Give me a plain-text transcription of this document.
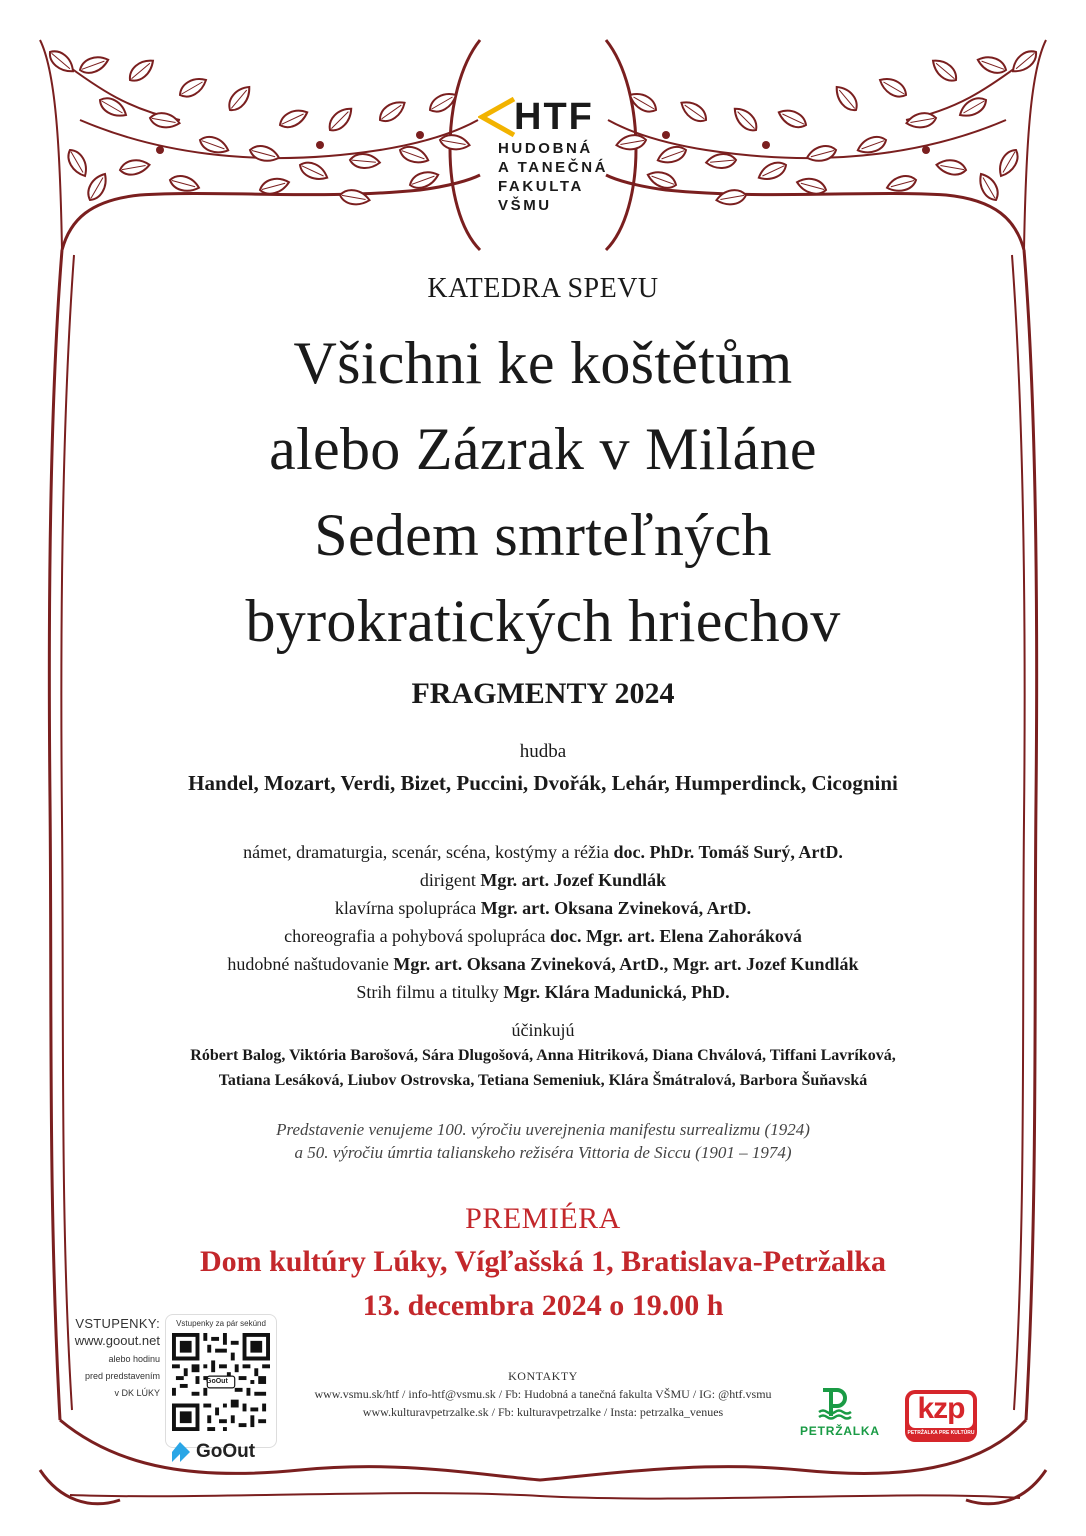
HTF
HUDOBNÁ
A TANEČNÁ
FAKULTA
VŠMU
KATEDRA SPEVU
Všichni ke koštětům
alebo Zázrak v Miláne
Sedem smrteľných
byrokratických hriechov
FRAGMENTY 2024
hudba
Handel, Mozart, Verdi, Bizet, Puccini, Dvořák, Lehár, Humperdinck, Cicognini
námet, dramaturgia, scenár, scéna, kostýmy a réžia doc. PhDr. Tomáš Surý, ArtD.
dirigent Mgr. art. Jozef Kundlák
klavírna spolupráca Mgr. art. Oksana Zvineková, ArtD.
choreografia a pohybová spolupráca doc. Mgr. art. Elena Zahoráková
hudobné naštudovanie Mgr. art. Oksana Zvineková, ArtD., Mgr. art. Jozef Kundlák
Strih filmu a titulky Mgr. Klára Madunická, PhD.
účinkujú
Róbert Balog, Viktória Barošová, Sára Dlugošová, Anna Hitriková, Diana Chválová, Tiffani Lavríková,
Tatiana Lesáková, Liubov Ostrovska, Tetiana Semeniuk, Klára Šmátralová, Barbora Šuňavská
Predstavenie venujeme 100. výročiu uverejnenia manifestu surrealizmu (1924)
a 50. výročiu úmrtia talianskeho režiséra Vittoria de Siccu (1901 – 1974)
PREMIÉRA
Dom kultúry Lúky, Vígľašská 1, Bratislava-Petržalka
13. decembra 2024 o 19.00 h
VSTUPENKY:
www.goout.net
alebo hodinu
pred predstavením
v DK LÚKY
Vstupenky za pár sekúnd
GoOut
GoOut
KONTAKTY
www.vsmu.sk/htf / info-htf@vsmu.sk / Fb: Hudobná a tanečná fakulta VŠMU / IG: @htf.vsmu
www.kulturavpetrzalke.sk / Fb: kulturavpetrzalke / Insta: petrzalka_venues
PETRŽALKA
kzp
PETRŽALKA PRE KULTÚRU
